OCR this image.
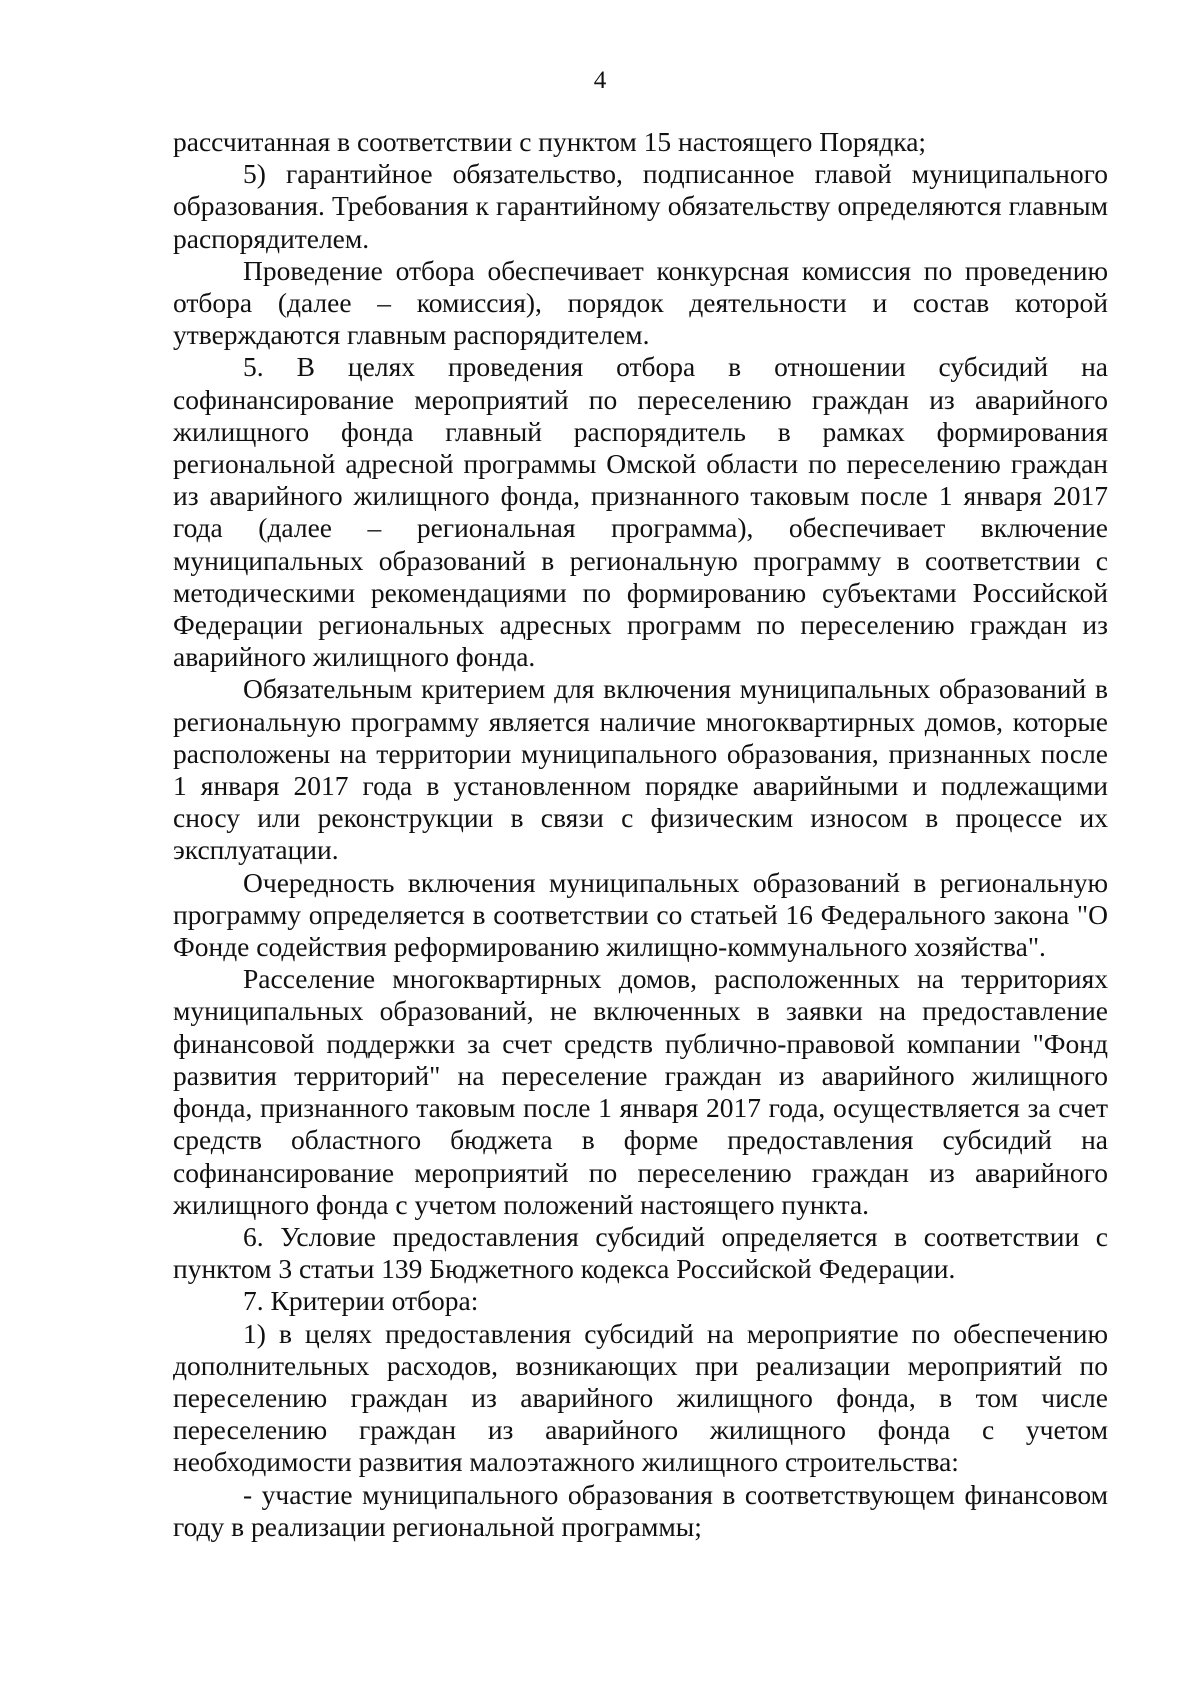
4

рассчитанная в соответствии с пунктом 15 настоящего Порядка;

5) гарантийное обязательство, подписанное главой муниципального образования. Требования к гарантийному обязательству определяются главным распорядителем.

Проведение отбора обеспечивает конкурсная комиссия по проведению отбора (далее – комиссия), порядок деятельности и состав которой утверждаются главным распорядителем.

5. В целях проведения отбора в отношении субсидий на софинансирование мероприятий по переселению граждан из аварийного жилищного фонда главный распорядитель в рамках формирования региональной адресной программы Омской области по переселению граждан из аварийного жилищного фонда, признанного таковым после 1 января 2017 года (далее – региональная программа), обеспечивает включение муниципальных образований в региональную программу в соответствии с методическими рекомендациями по формированию субъектами Российской Федерации региональных адресных программ по переселению граждан из аварийного жилищного фонда.

Обязательным критерием для включения муниципальных образований в региональную программу является наличие многоквартирных домов, которые расположены на территории муниципального образования, признанных после 1 января 2017 года в установленном порядке аварийными и подлежащими сносу или реконструкции в связи с физическим износом в процессе их эксплуатации.

Очередность включения муниципальных образований в региональную программу определяется в соответствии со статьей 16 Федерального закона "О Фонде содействия реформированию жилищно-коммунального хозяйства".

Расселение многоквартирных домов, расположенных на территориях муниципальных образований, не включенных в заявки на предоставление финансовой поддержки за счет средств публично-правовой компании "Фонд развития территорий" на переселение граждан из аварийного жилищного фонда, признанного таковым после 1 января 2017 года, осуществляется за счет средств областного бюджета в форме предоставления субсидий на софинансирование мероприятий по переселению граждан из аварийного жилищного фонда с учетом положений настоящего пункта.

6. Условие предоставления субсидий определяется в соответствии с пунктом 3 статьи 139 Бюджетного кодекса Российской Федерации.

7. Критерии отбора:

1) в целях предоставления субсидий на мероприятие по обеспечению дополнительных расходов, возникающих при реализации мероприятий по переселению граждан из аварийного жилищного фонда, в том числе переселению граждан из аварийного жилищного фонда с учетом необходимости развития малоэтажного жилищного строительства:

- участие муниципального образования в соответствующем финансовом году в реализации региональной программы;
